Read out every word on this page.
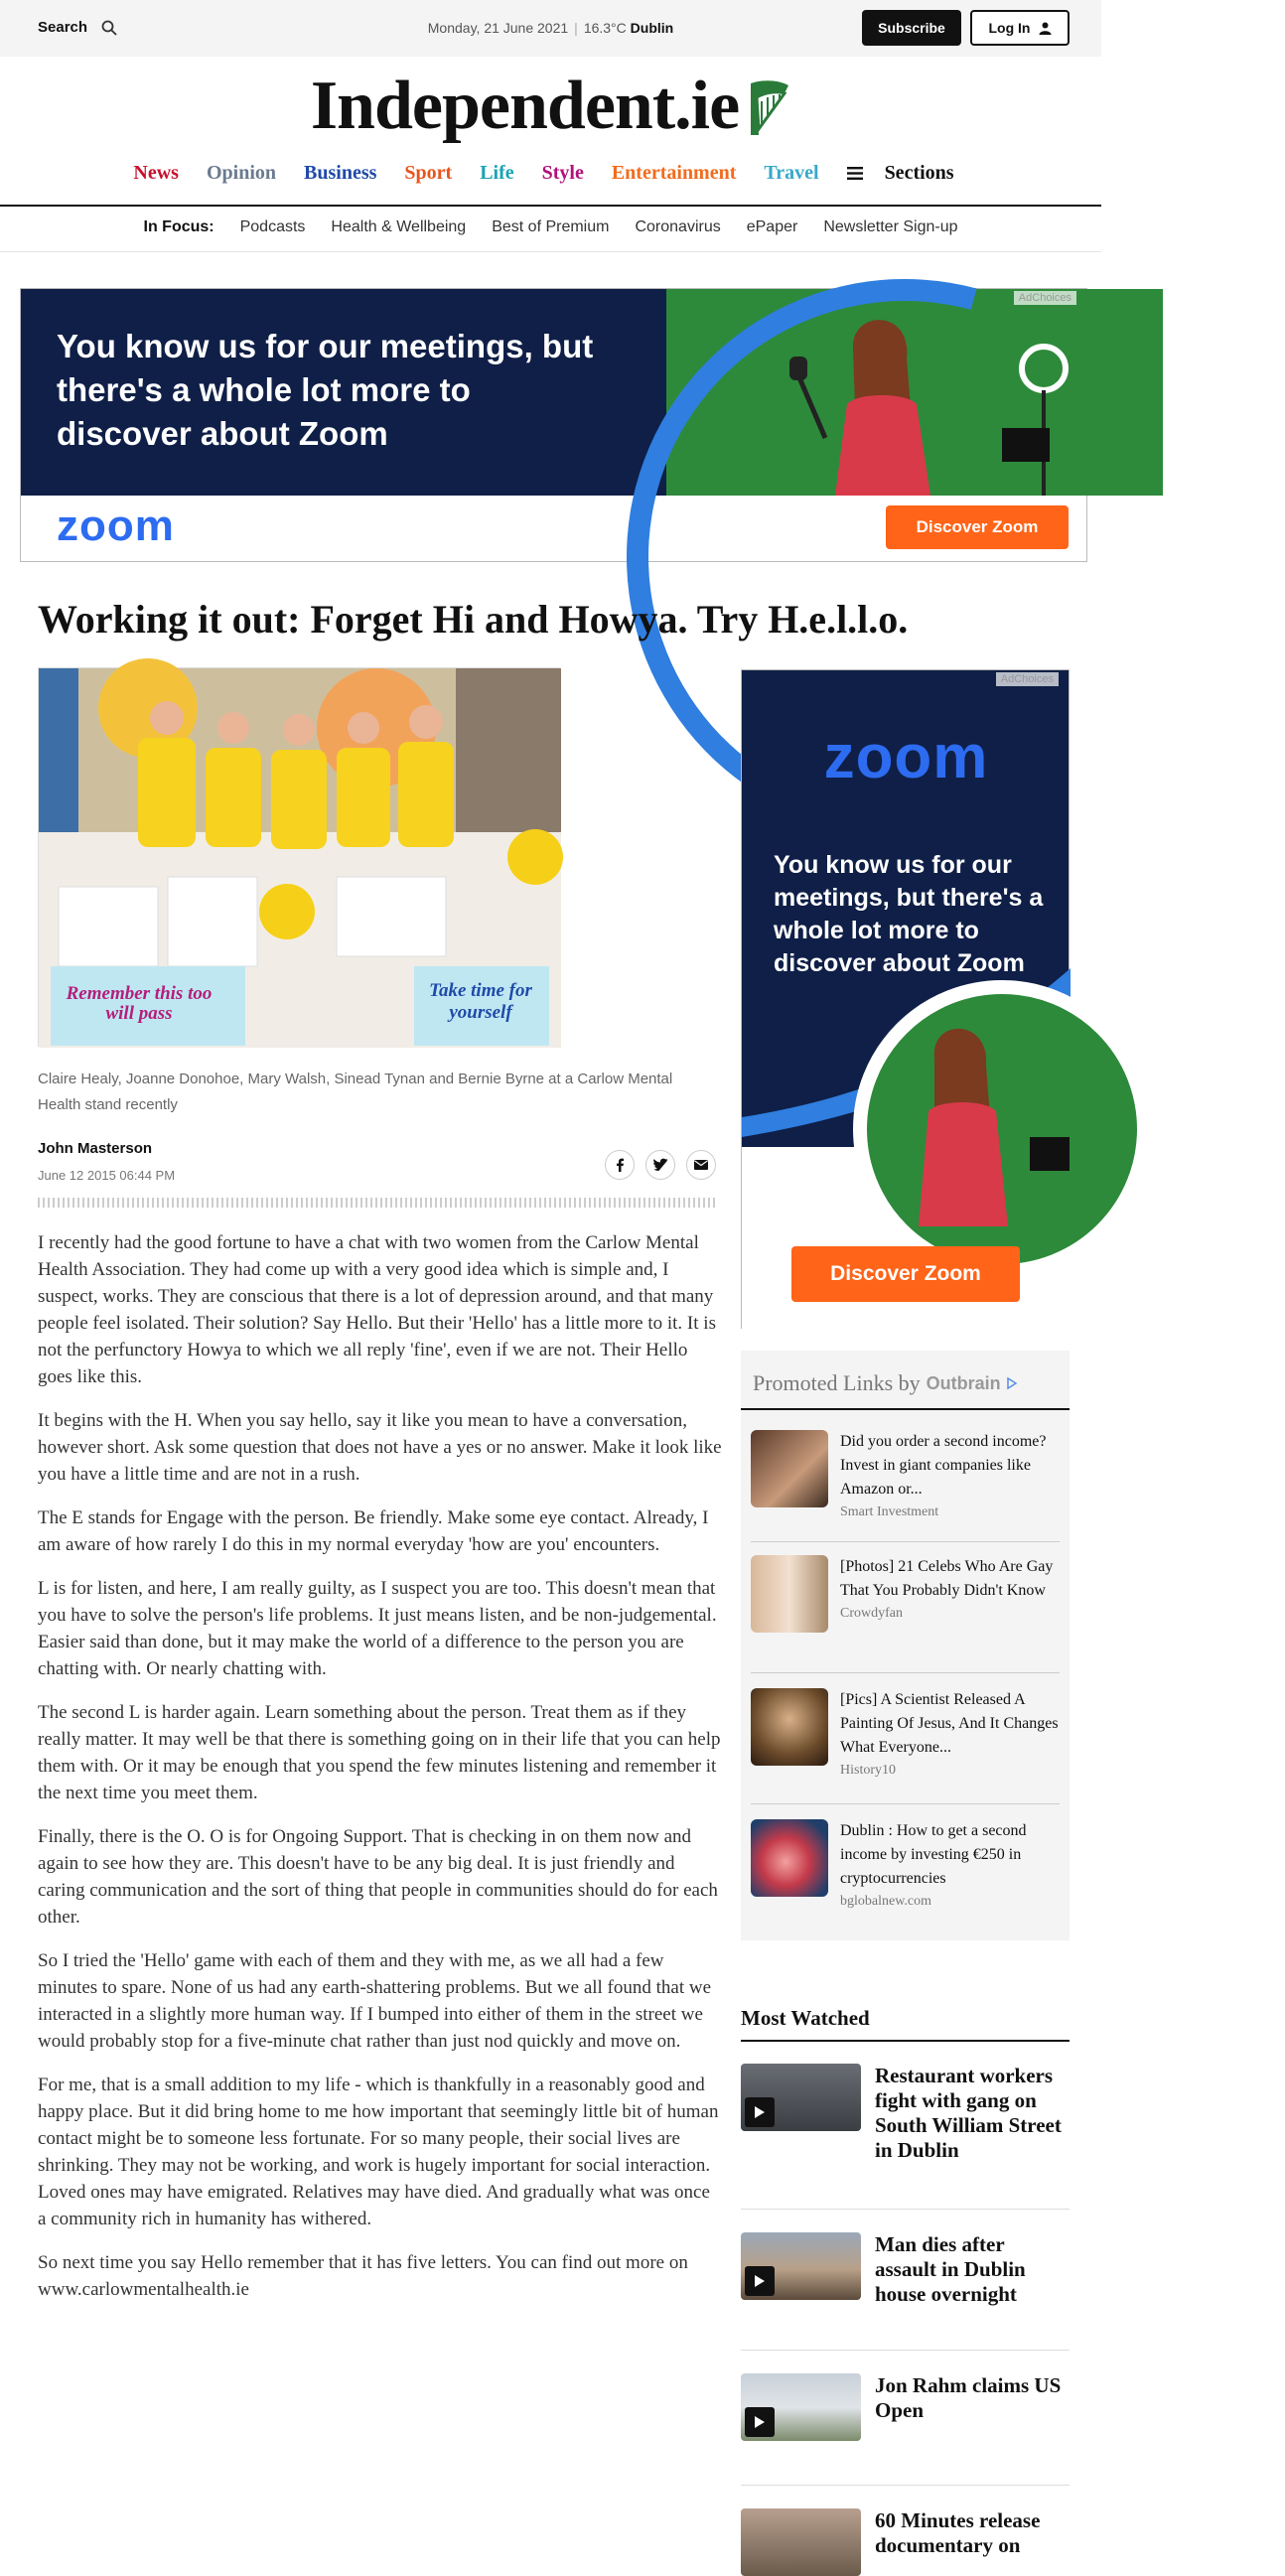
Search	Monday, 21 June 2021 | 16.3°C Dublin	Subscribe	Log In
Independent.ie
News Opinion Business Sport Life Style Entertainment Travel	Sections
In Focus: Podcasts Health & Wellbeing Best of Premium Coronavirus ePaper Newsletter Sign-up
You know us for our meetings, but there's a whole lot more to discover about Zoom
AdChoices
zoom	Discover Zoom
Working it out: Forget Hi and Howya. Try H.e.l.l.o.
Remember this too will pass
Take time for yourself

Claire Healy, Joanne Donohoe, Mary Walsh, Sinead Tynan and Bernie Byrne at a Carlow Mental Health stand recently

John Masterson
June 12 2015 06:44 PM

I recently had the good fortune to have a chat with two women from the Carlow Mental Health Association. They had come up with a very good idea which is simple and, I suspect, works. They are conscious that there is a lot of depression around, and that many people feel isolated. Their solution? Say Hello. But their 'Hello' has a little more to it. It is not the perfunctory Howya to which we all reply 'fine', even if we are not. Their Hello goes like this.

It begins with the H. When you say hello, say it like you mean to have a conversation, however short. Ask some question that does not have a yes or no answer. Make it look like you have a little time and are not in a rush.

The E stands for Engage with the person. Be friendly. Make some eye contact. Already, I am aware of how rarely I do this in my normal everyday 'how are you' encounters.

L is for listen, and here, I am really guilty, as I suspect you are too. This doesn't mean that you have to solve the person's life problems. It just means listen, and be non-judgemental. Easier said than done, but it may make the world of a difference to the person you are chatting with. Or nearly chatting with.

The second L is harder again. Learn something about the person. Treat them as if they really matter. It may well be that there is something going on in their life that you can help them with. Or it may be enough that you spend the few minutes listening and remember it the next time you meet them.

Finally, there is the O. O is for Ongoing Support. That is checking in on them now and again to see how they are. This doesn't have to be any big deal. It is just friendly and caring communication and the sort of thing that people in communities should do for each other.

So I tried the 'Hello' game with each of them and they with me, as we all had a few minutes to spare. None of us had any earth-shattering problems. But we all found that we interacted in a slightly more human way. If I bumped into either of them in the street we would probably stop for a five-minute chat rather than just nod quickly and move on.

For me, that is a small addition to my life - which is thankfully in a reasonably good and happy place. But it did bring home to me how important that seemingly little bit of human contact might be to someone less fortunate. For so many people, their social lives are shrinking. They may not be working, and work is hugely important for social interaction. Loved ones may have emigrated. Relatives may have died. And gradually what was once a community rich in humanity has withered.

So next time you say Hello remember that it has five letters. You can find out more on www.carlowmentalhealth.ie

AdChoices
zoom
You know us for our meetings, but there's a whole lot more to discover about Zoom
Discover Zoom
Promoted Links by Outbrain
Did you order a second income? Invest in giant companies like Amazon or...
Smart Investment
[Photos] 21 Celebs Who Are Gay That You Probably Didn't Know
Crowdyfan
[Pics] A Scientist Released A Painting Of Jesus, And It Changes What Everyone...
History10
Dublin : How to get a second income by investing €250 in cryptocurrencies
bglobalnew.com
Most Watched
Restaurant workers fight with gang on South William Street in Dublin
Man dies after assault in Dublin house overnight
Jon Rahm claims US Open
60 Minutes release documentary on
